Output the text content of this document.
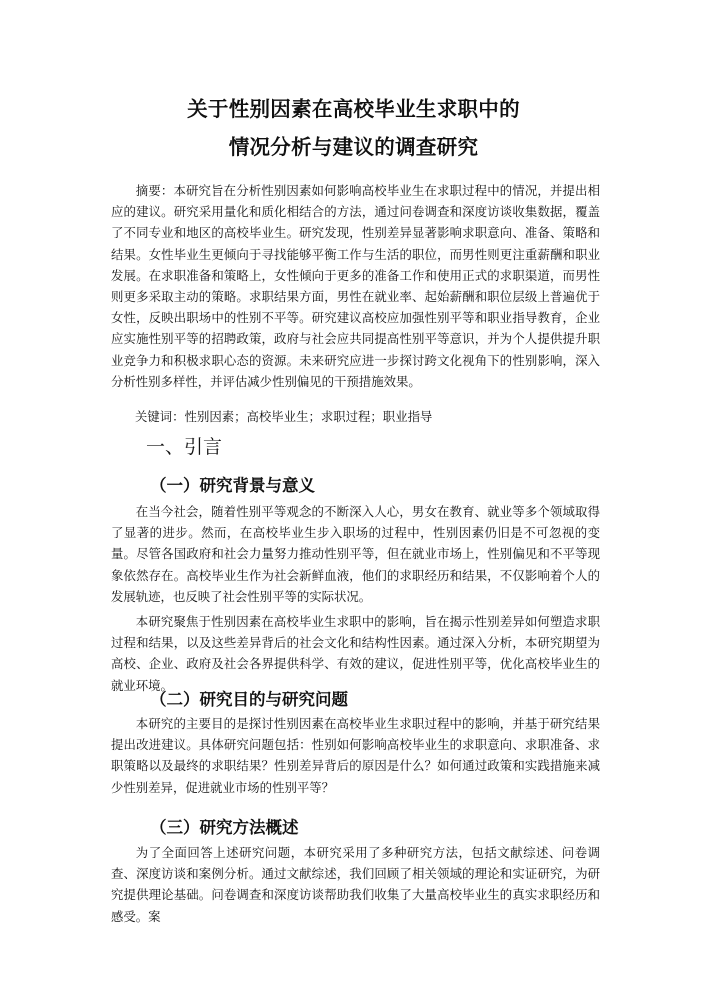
关于性别因素在高校毕业生求职中的
情况分析与建议的调查研究

摘要：本研究旨在分析性别因素如何影响高校毕业生在求职过程中的情况，并提出相应的建议。研究采用量化和质化相结合的方法，通过问卷调查和深度访谈收集数据，覆盖了不同专业和地区的高校毕业生。研究发现，性别差异显著影响求职意向、准备、策略和结果。女性毕业生更倾向于寻找能够平衡工作与生活的职位，而男性则更注重薪酬和职业发展。在求职准备和策略上，女性倾向于更多的准备工作和使用正式的求职渠道，而男性则更多采取主动的策略。求职结果方面，男性在就业率、起始薪酬和职位层级上普遍优于女性，反映出职场中的性别不平等。研究建议高校应加强性别平等和职业指导教育，企业应实施性别平等的招聘政策，政府与社会应共同提高性别平等意识，并为个人提供提升职业竞争力和积极求职心态的资源。未来研究应进一步探讨跨文化视角下的性别影响，深入分析性别多样性，并评估减少性别偏见的干预措施效果。

关键词：性别因素；高校毕业生；求职过程；职业指导

一、引言
（一）研究背景与意义

在当今社会，随着性别平等观念的不断深入人心，男女在教育、就业等多个领域取得了显著的进步。然而，在高校毕业生步入职场的过程中，性别因素仍旧是不可忽视的变量。尽管各国政府和社会力量努力推动性别平等，但在就业市场上，性别偏见和不平等现象依然存在。高校毕业生作为社会新鲜血液，他们的求职经历和结果，不仅影响着个人的发展轨迹，也反映了社会性别平等的实际状况。

本研究聚焦于性别因素在高校毕业生求职中的影响，旨在揭示性别差异如何塑造求职过程和结果，以及这些差异背后的社会文化和结构性因素。通过深入分析，本研究期望为高校、企业、政府及社会各界提供科学、有效的建议，促进性别平等，优化高校毕业生的就业环境。

（二）研究目的与研究问题

本研究的主要目的是探讨性别因素在高校毕业生求职过程中的影响，并基于研究结果提出改进建议。具体研究问题包括：性别如何影响高校毕业生的求职意向、求职准备、求职策略以及最终的求职结果？性别差异背后的原因是什么？如何通过政策和实践措施来减少性别差异，促进就业市场的性别平等？

（三）研究方法概述

为了全面回答上述研究问题，本研究采用了多种研究方法，包括文献综述、问卷调查、深度访谈和案例分析。通过文献综述，我们回顾了相关领域的理论和实证研究，为研究提供理论基础。问卷调查和深度访谈帮助我们收集了大量高校毕业生的真实求职经历和感受。案
